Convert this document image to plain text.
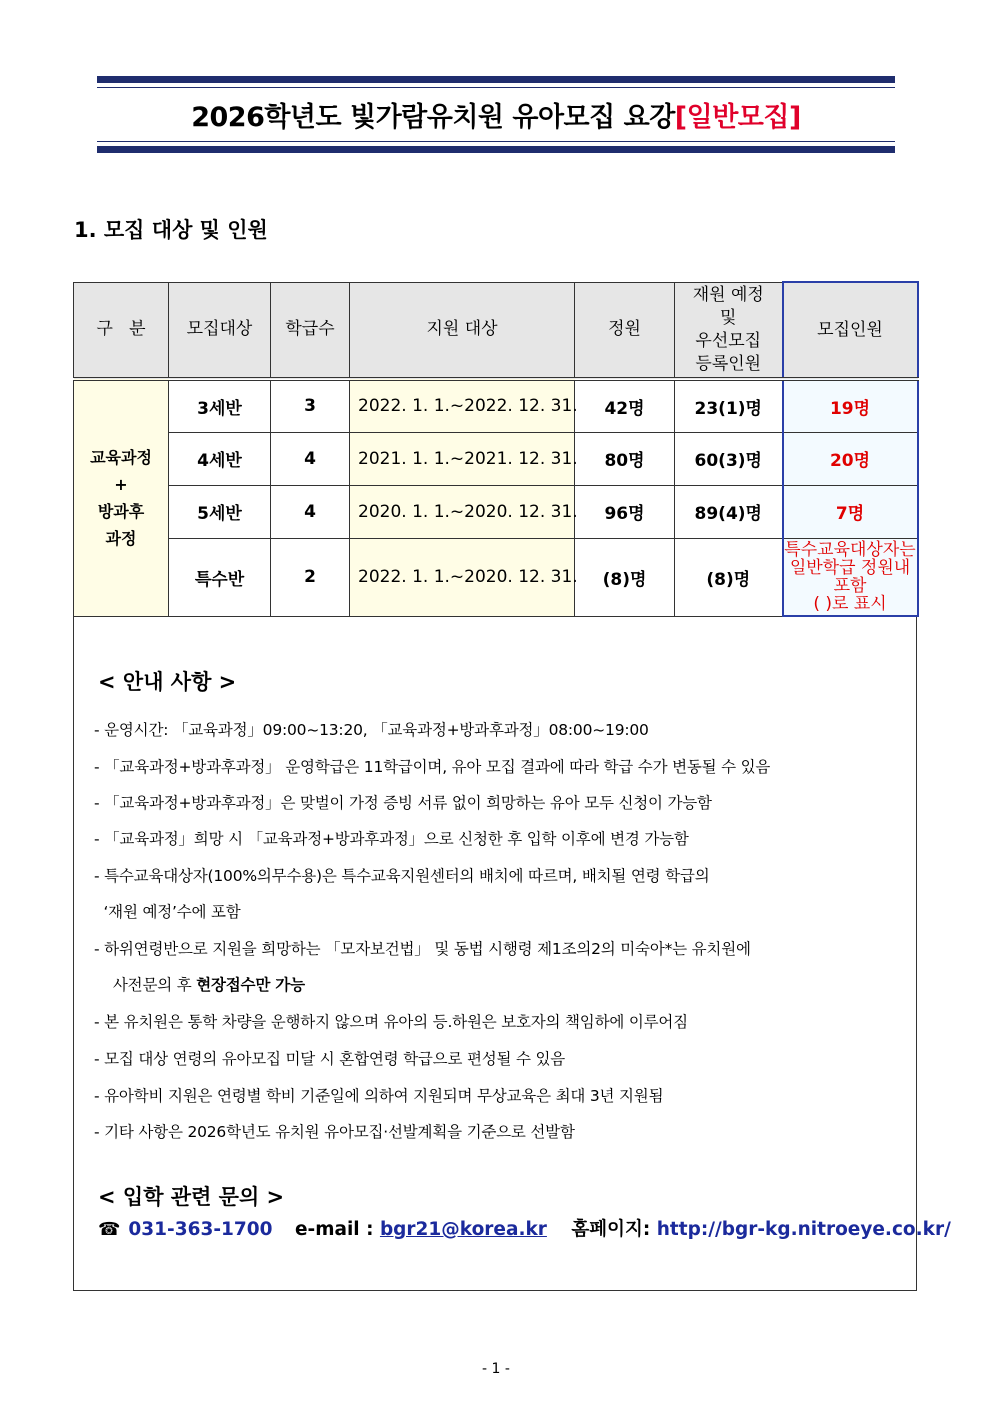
2026학년도 빛가람유치원 유아모집 요강[일반모집]
1. 모집 대상 및 인원
구   분	모집대상	학급수	지원 대상	정원	재원 예정
및
우선모집
등록인원	모집인원

교육과정
+
방과후
과정	3세반	3	2022. 1. 1.~2022. 12. 31.	42명	23(1)명	19명
	4세반	4	2021. 1. 1.~2021. 12. 31.	80명	60(3)명	20명
	5세반	4	2020. 1. 1.~2020. 12. 31.	96명	89(4)명	7명
	특수반	2	2022. 1. 1.~2020. 12. 31.	(8)명	(8)명	특수교육대상자는
일반학급 정원내 포함
( )로 표시
< 안내 사항 >
- 운영시간: 「교육과정」09:00~13:20, 「교육과정+방과후과정」08:00~19:00
- 「교육과정+방과후과정」 운영학급은 11학급이며, 유아 모집 결과에 따라 학급 수가 변동될 수 있음
- 「교육과정+방과후과정」은 맞벌이 가정 증빙 서류 없이 희망하는 유아 모두 신청이 가능함
- 「교육과정」희망 시 「교육과정+방과후과정」으로 신청한 후 입학 이후에 변경 가능함
- 특수교육대상자(100%의무수용)은 특수교육지원센터의 배치에 따르며, 배치될 연령 학급의
‘재원 예정’수에 포함
- 하위연령반으로 지원을 희망하는 「모자보건법」 및 동법 시행령 제1조의2의 미숙아*는 유치원에
사전문의 후 현장접수만 가능
- 본 유치원은 통학 차량을 운행하지 않으며 유아의 등.하원은 보호자의 책임하에 이루어짐
- 모집 대상 연령의 유아모집 미달 시 혼합연령 학급으로 편성될 수 있음
- 유아학비 지원은 연령별 학비 기준일에 의하여 지원되며 무상교육은 최대 3년 지원됨
- 기타 사항은 2026학년도 유치원 유아모집·선발계획을 기준으로 선발함
< 입학 관련 문의 >
☎ 031-363-1700 e-mail : bgr21@korea.kr 홈페이지: http://bgr-kg.nitroeye.co.kr/
- 1 -
